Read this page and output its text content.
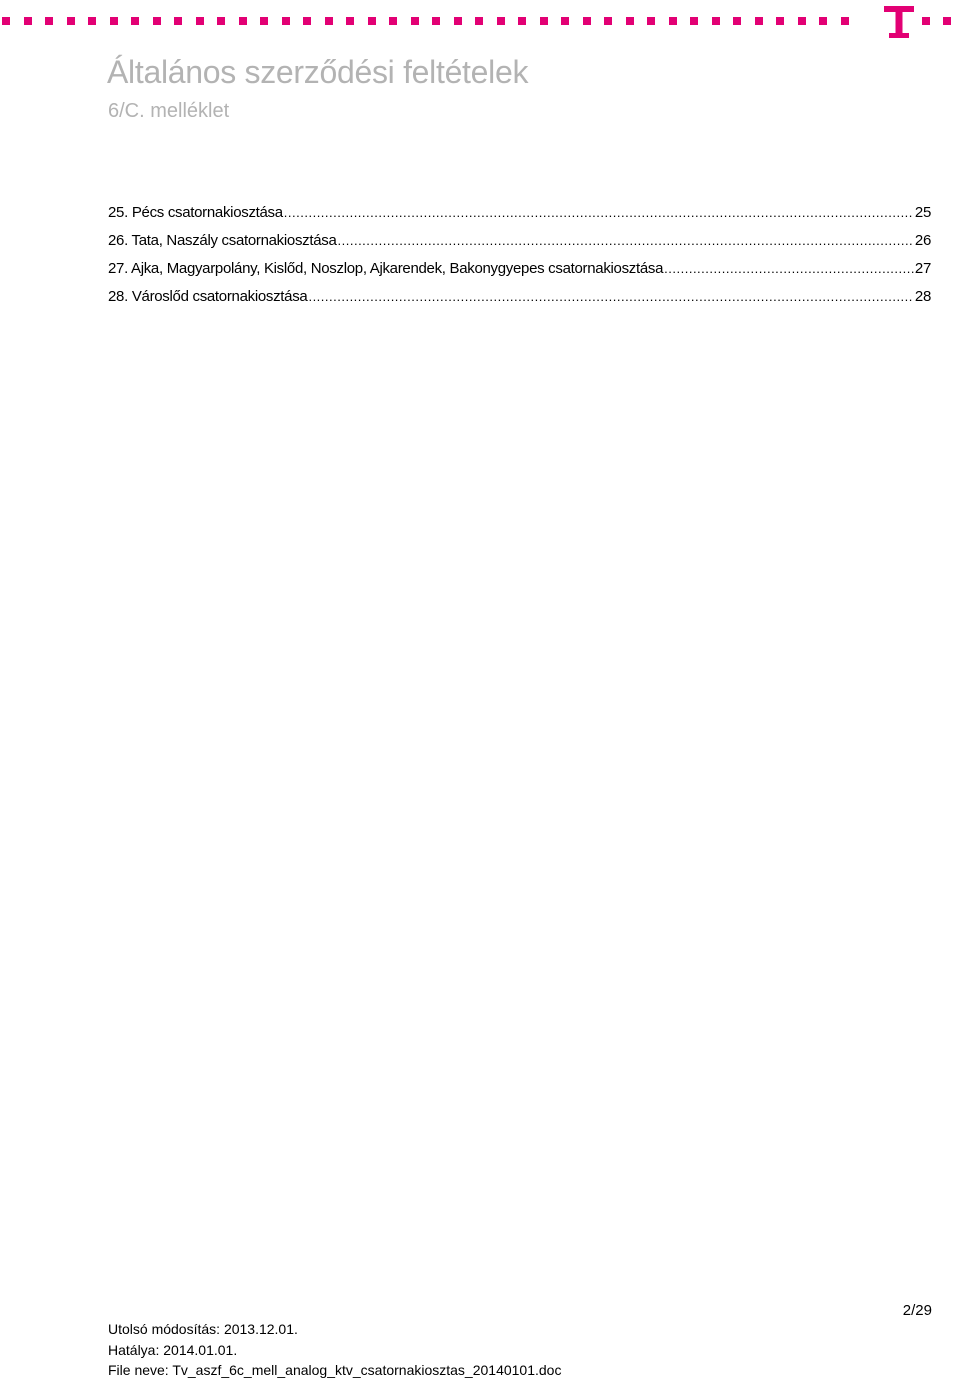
Általános szerződési feltételek
6/C. melléklet
25. Pécs csatornakiosztása .....	25
26. Tata, Naszály csatornakiosztása .....	26
27. Ajka, Magyarpolány, Kislőd, Noszlop, Ajkarendek, Bakonygyepes csatornakiosztása .....	27
28. Városlőd csatornakiosztása .....	28
2/29
Utolsó módosítás: 2013.12.01.
Hatálya: 2014.01.01.
File neve: Tv_aszf_6c_mell_analog_ktv_csatornakiosztas_20140101.doc
